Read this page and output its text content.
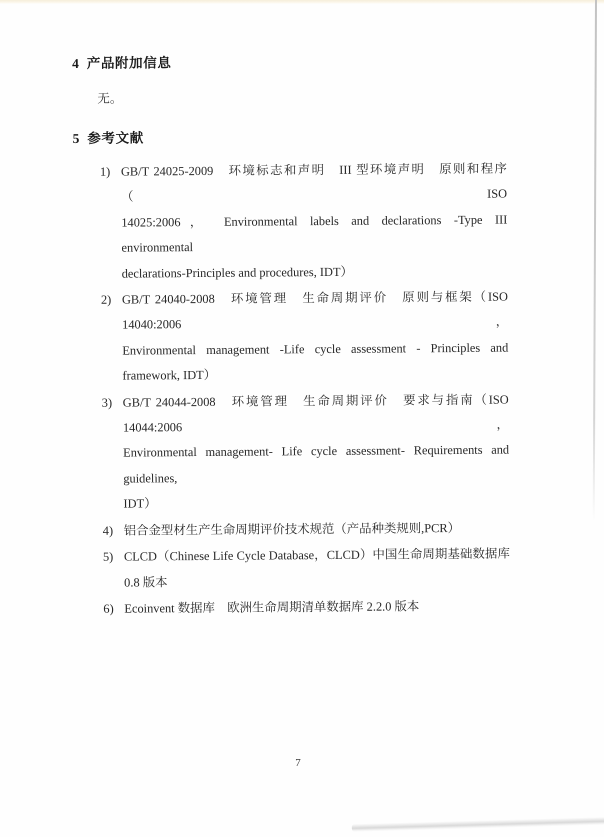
4 产品附加信息
无。
5 参考文献
1) GB/T 24025-2009　环境标志和声明　III 型环境声明　原则和程序（ISO
14025:2006， Environmental labels and declarations -Type III environmental
declarations-Principles and procedures, IDT）
2) GB/T 24040-2008　环境管理　生命周期评价　原则与框架（ISO 14040:2006，
Environmental management -Life cycle assessment - Principles and framework, IDT）
3) GB/T 24044-2008　环境管理　生命周期评价　要求与指南（ISO 14044:2006，
Environmental management- Life cycle assessment- Requirements and guidelines,
IDT）
4) 铝合金型材生产生命周期评价技术规范（产品种类规则,PCR）
5) CLCD（Chinese Life Cycle Database，CLCD）中国生命周期基础数据库 0.8 版本
6) Ecoinvent 数据库　欧洲生命周期清单数据库 2.2.0 版本
7
